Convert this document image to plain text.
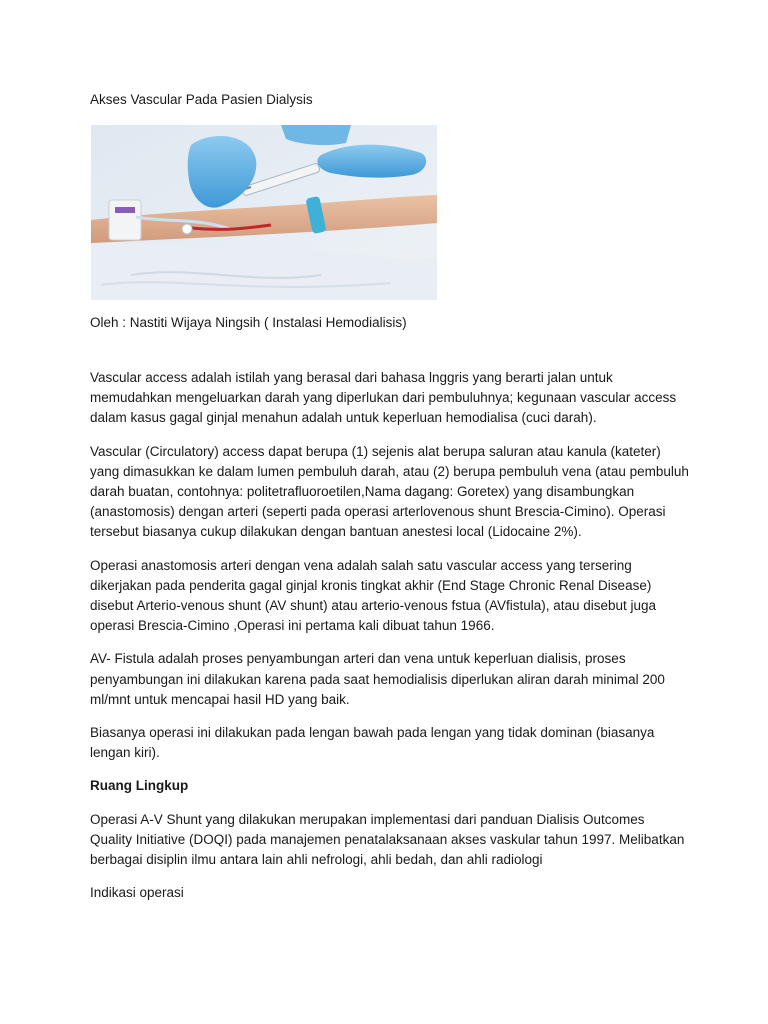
Akses Vascular Pada Pasien Dialysis

Oleh : Nastiti Wijaya Ningsih ( Instalasi Hemodialisis)

Vascular access adalah istilah yang berasal dari bahasa lnggris yang berarti jalan untuk memudahkan mengeluarkan darah yang diperlukan dari pembuluhnya; kegunaan vascular access dalam kasus gagal ginjal menahun adalah untuk keperluan hemodialisa (cuci darah).

Vascular (Circulatory) access dapat berupa (1) sejenis alat berupa saluran atau kanula (kateter) yang dimasukkan ke dalam lumen pembuluh darah, atau (2) berupa pembuluh vena (atau pembuluh darah buatan, contohnya: politetrafluoroetilen,Nama dagang: Goretex) yang disambungkan (anastomosis) dengan arteri (seperti pada operasi arterlovenous shunt Brescia-Cimino). Operasi tersebut biasanya cukup dilakukan dengan bantuan anestesi local (Lidocaine 2%).

Operasi anastomosis arteri dengan vena adalah salah satu vascular access yang tersering dikerjakan pada penderita gagal ginjal kronis tingkat akhir (End Stage Chronic Renal Disease) disebut Arterio-venous shunt (AV shunt) atau arterio-venous fstua (AVfistula), atau disebut juga operasi Brescia-Cimino ,Operasi ini pertama kali dibuat tahun 1966.

AV- Fistula adalah proses penyambungan arteri dan vena untuk keperluan dialisis, proses penyambungan ini dilakukan karena pada saat hemodialisis diperlukan aliran darah minimal 200 ml/mnt untuk mencapai hasil HD yang baik.

Biasanya operasi ini dilakukan pada lengan bawah pada lengan yang tidak dominan (biasanya lengan kiri).

Ruang Lingkup

Operasi A-V Shunt yang dilakukan merupakan implementasi dari panduan Dialisis Outcomes Quality Initiative (DOQI) pada manajemen penatalaksanaan akses vaskular tahun 1997. Melibatkan berbagai disiplin ilmu antara lain ahli nefrologi, ahli bedah, dan ahli radiologi

Indikasi operasi
